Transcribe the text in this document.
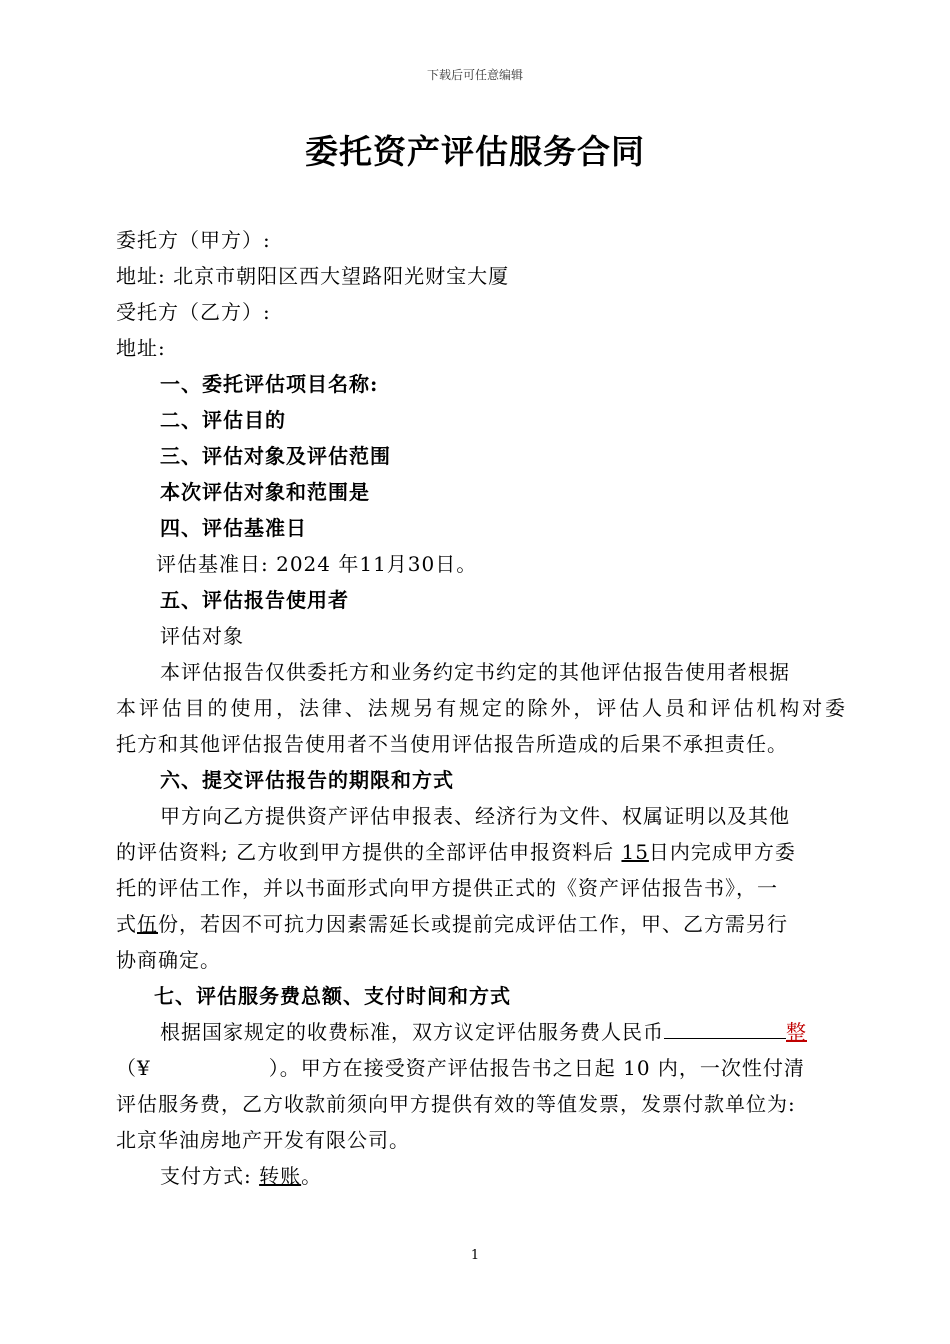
下载后可任意编辑
委托资产评估服务合同
委托方（甲方）:
地址: 北京市朝阳区西大望路阳光财宝大厦
受托方（乙方）:
地址:
一、委托评估项目名称:
二、评估目的
三、评估对象及评估范围
本次评估对象和范围是
四、评估基准日
评估基准日: 2024 年11月30日。
五、评估报告使用者
评估对象
本评估报告仅供委托方和业务约定书约定的其他评估报告使用者根据
本评估目的使用，法律、法规另有规定的除外，评估人员和评估机构对委
托方和其他评估报告使用者不当使用评估报告所造成的后果不承担责任。
六、提交评估报告的期限和方式
甲方向乙方提供资产评估申报表、经济行为文件、权属证明以及其他
的评估资料; 乙方收到甲方提供的全部评估申报资料后 15日内完成甲方委
托的评估工作，并以书面形式向甲方提供正式的《资产评估报告书》，一
式伍份，若因不可抗力因素需延长或提前完成评估工作，甲、乙方需另行
协商确定。
七、评估服务费总额、支付时间和方式
根据国家规定的收费标准，双方议定评估服务费人民币	整
（¥	）。甲方在接受资产评估报告书之日起 10 内，一次性付清
评估服务费，乙方收款前须向甲方提供有效的等值发票，发票付款单位为:
北京华油房地产开发有限公司。
支付方式: 转账。
1
